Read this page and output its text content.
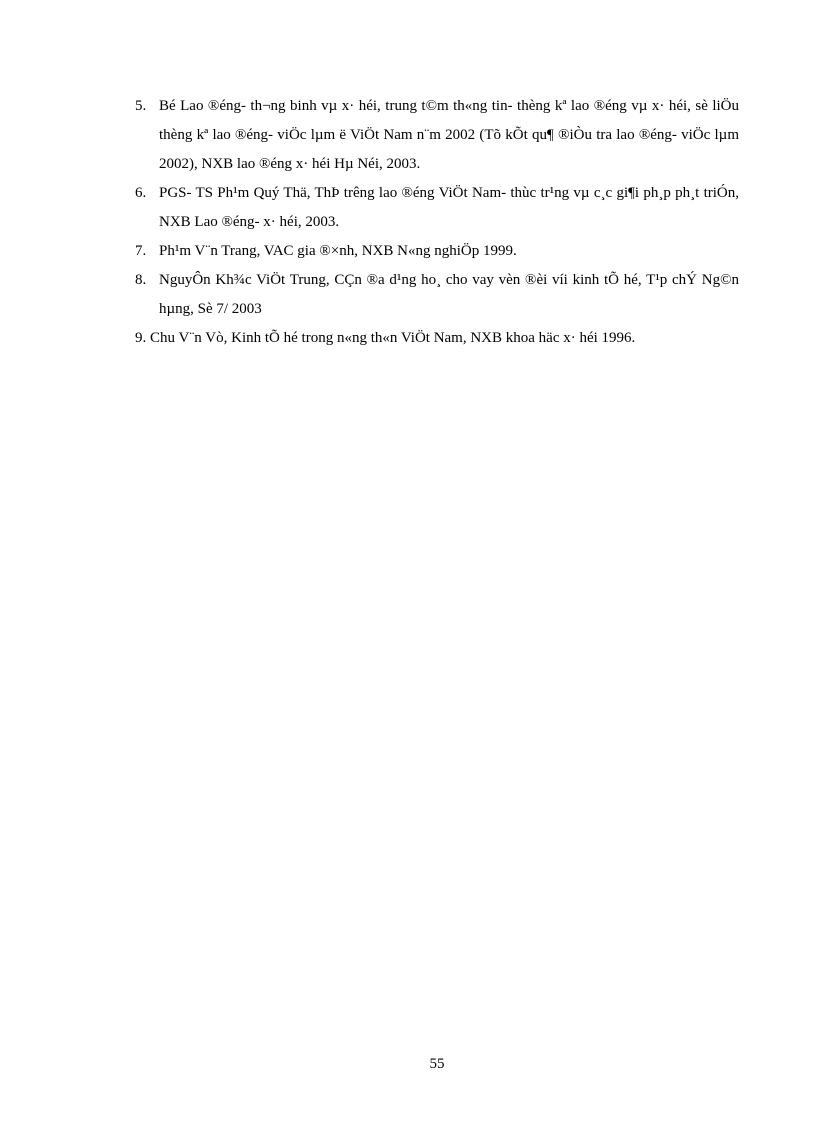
5. Bé Lao ®éng- th¬ng binh vµ x· héi, trung t©m th«ng tin- thèng kª lao ®éng vµ x· héi, sè liÖu thèng kª lao ®éng- viÖc lµm ë ViÖt Nam n¨m 2002 (Tõ kÕt qu¶ ®iÒu tra lao ®éng- viÖc lµm 2002), NXB lao ®éng x· héi Hµ Néi, 2003.

6. PGS- TS Ph¹m Quý Thä, ThÞ trêng lao ®éng ViÖt Nam- thùc tr¹ng vµ c¸c gi¶i ph¸p ph¸t triÓn, NXB Lao ®éng- x· héi, 2003.

7. Ph¹m V¨n Trang, VAC gia ®×nh, NXB N«ng nghiÖp 1999.

8. NguyÔn Kh¾c ViÖt Trung, CÇn ®a d¹ng ho¸ cho vay vèn ®èi víi kinh tÕ hé, T¹p chÝ Ng©n hµng, Sè 7/ 2003

9. Chu V¨n Vò, Kinh tÕ hé trong n«ng th«n ViÖt Nam, NXB khoa häc x· héi 1996.

55
